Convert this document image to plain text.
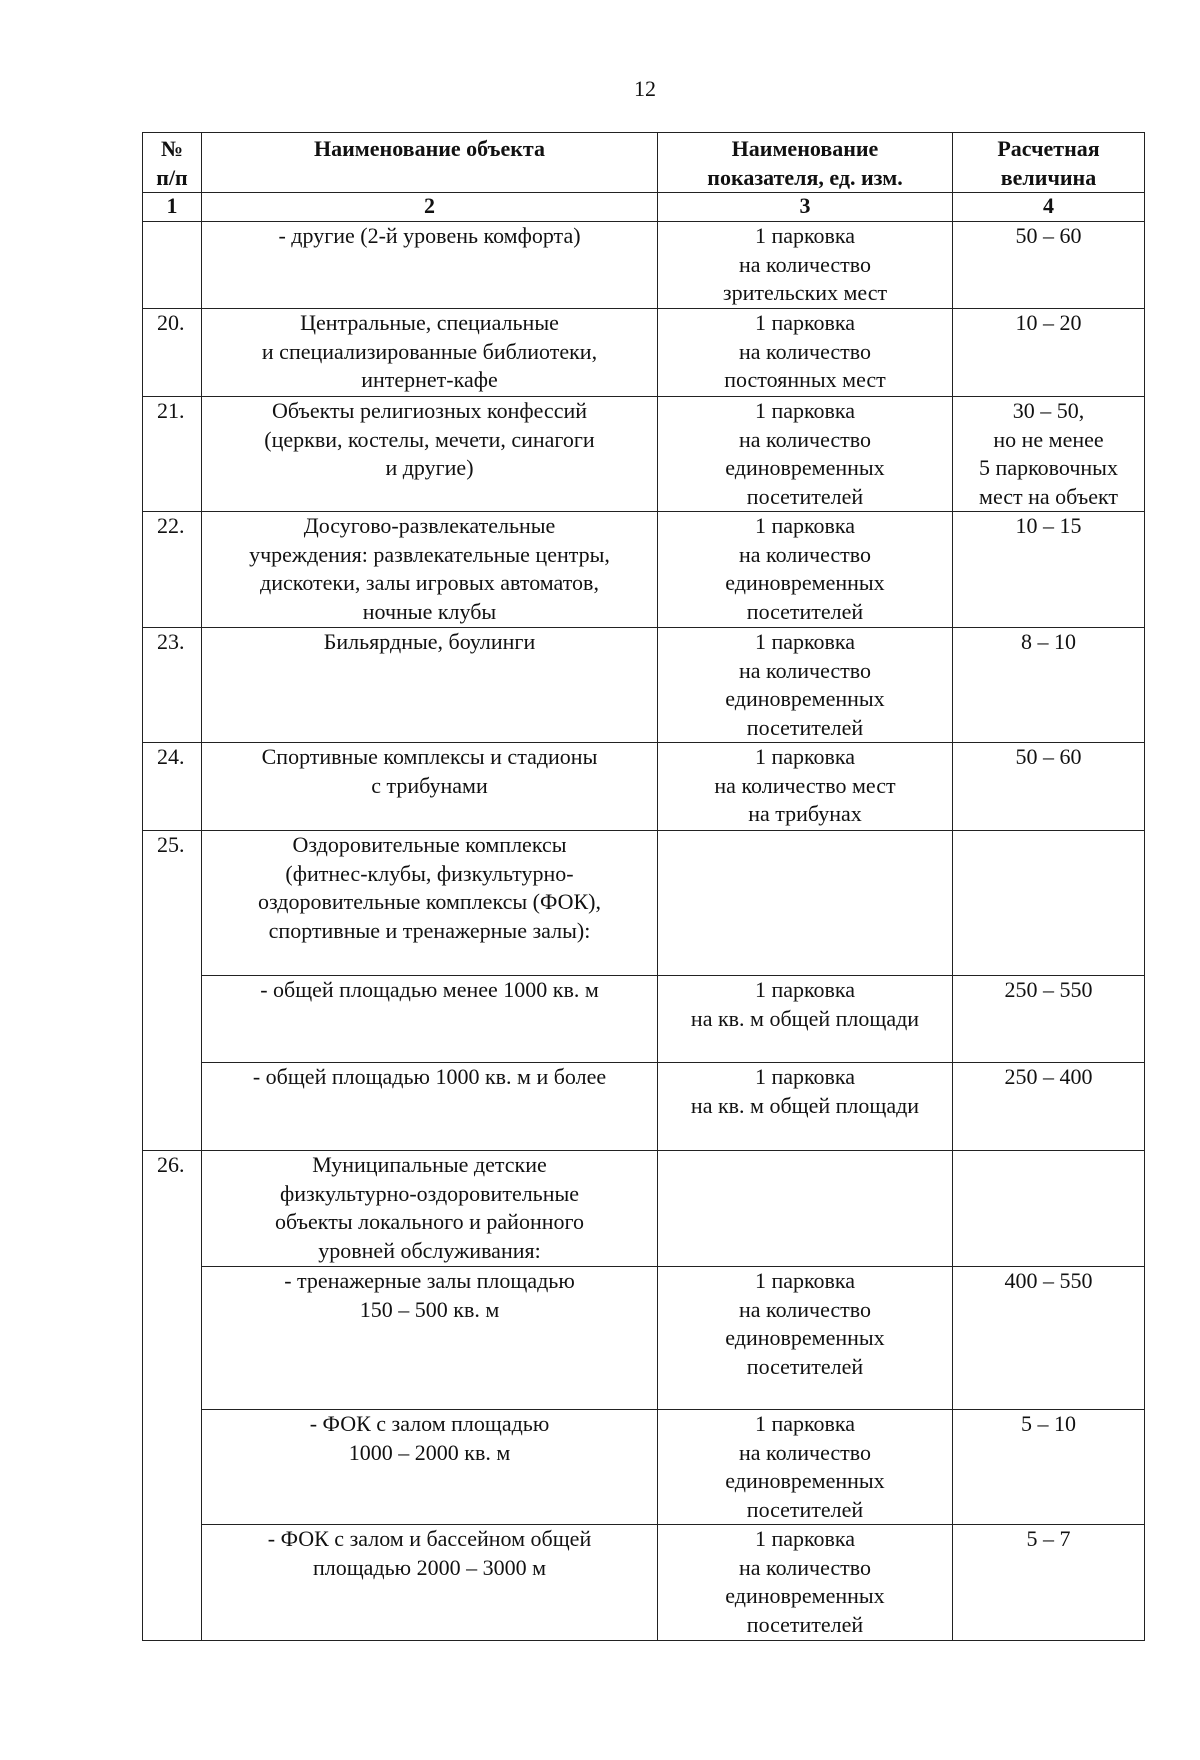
12
№
п/п	Наименование объекта	Наименование
показателя, ед. изм.	Расчетная
величина

1	2	3	4

	- другие (2-й уровень комфорта)	1 парковка
на количество
зрительских мест	50 – 60

20.	Центральные, специальные
и специализированные библиотеки,
интернет-кафе	1 парковка
на количество
постоянных мест	10 – 20

21.	Объекты религиозных конфессий
(церкви, костелы, мечети, синагоги
и другие)	1 парковка
на количество
единовременных
посетителей	30 – 50,
но не менее
5 парковочных
мест на объект

22.	Досугово-развлекательные
учреждения: развлекательные центры,
дискотеки, залы игровых автоматов,
ночные клубы	1 парковка
на количество
единовременных
посетителей	10 – 15

23.	Бильярдные, боулинги	1 парковка
на количество
единовременных
посетителей	8 – 10

24.	Спортивные комплексы и стадионы
с трибунами	1 парковка
на количество мест
на трибунах	50 – 60

25.	Оздоровительные комплексы
(фитнес-клубы, физкультурно-
оздоровительные комплексы (ФОК),
спортивные и тренажерные залы):		

	- общей площадью менее 1000 кв. м	1 парковка
на кв. м общей площади	250 – 550

	- общей площадью 1000 кв. м и более	1 парковка
на кв. м общей площади	250 – 400

26.	Муниципальные детские
физкультурно-оздоровительные
объекты локального и районного
уровней обслуживания:		

	- тренажерные залы площадью
150 – 500 кв. м	1 парковка
на количество
единовременных
посетителей	400 – 550

	- ФОК с залом площадью
1000 – 2000 кв. м	1 парковка
на количество
единовременных
посетителей	5 – 10

	- ФОК с залом и бассейном общей
площадью 2000 – 3000 м	1 парковка
на количество
единовременных
посетителей	5 – 7
